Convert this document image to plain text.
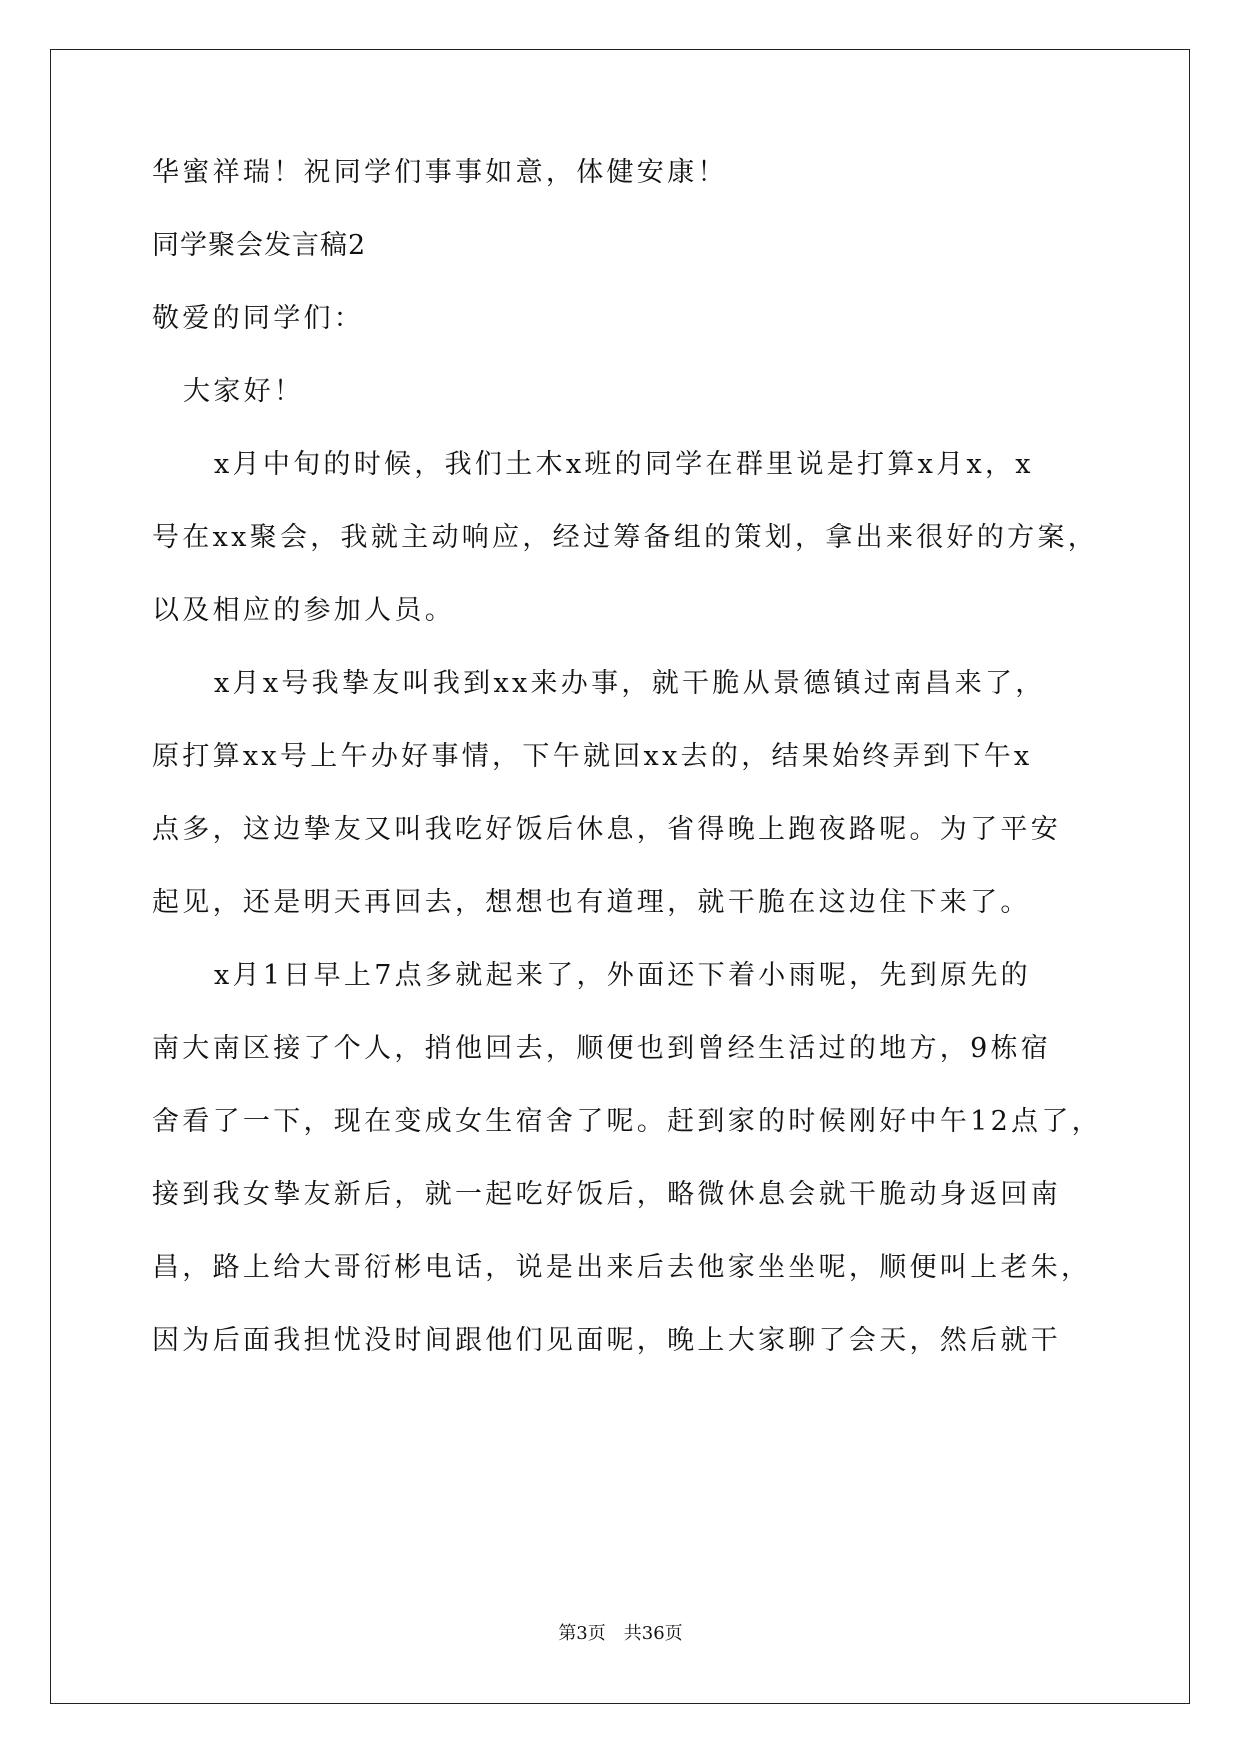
华蜜祥瑞！祝同学们事事如意，体健安康！
同学聚会发言稿2
敬爱的同学们：
大家好！
x月中旬的时候，我们土木x班的同学在群里说是打算x月x，x
号在xx聚会，我就主动响应，经过筹备组的策划，拿出来很好的方案，
以及相应的参加人员。
x月x号我挚友叫我到xx来办事，就干脆从景德镇过南昌来了，
原打算xx号上午办好事情，下午就回xx去的，结果始终弄到下午x
点多，这边挚友又叫我吃好饭后休息，省得晚上跑夜路呢。为了平安
起见，还是明天再回去，想想也有道理，就干脆在这边住下来了。
x月1日早上7点多就起来了，外面还下着小雨呢，先到原先的
南大南区接了个人，捎他回去，顺便也到曾经生活过的地方，9栋宿
舍看了一下，现在变成女生宿舍了呢。赶到家的时候刚好中午12点了，
接到我女挚友新后，就一起吃好饭后，略微休息会就干脆动身返回南
昌，路上给大哥衍彬电话，说是出来后去他家坐坐呢，顺便叫上老朱，
因为后面我担忧没时间跟他们见面呢，晚上大家聊了会天，然后就干
第3页　共36页
